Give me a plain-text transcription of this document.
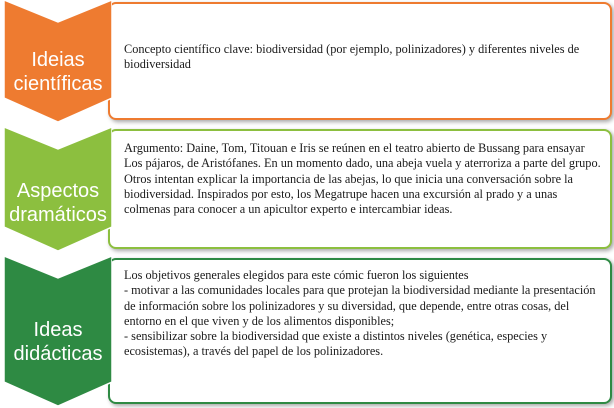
Ideias
científicas

Concepto científico clave: biodiversidad (por ejemplo, polinizadores) y diferentes niveles de biodiversidad

Aspectos
dramáticos

Argumento: Daine, Tom, Titouan e Iris se reúnen en el teatro abierto de Bussang para ensayar Los pájaros, de Aristófanes. En un momento dado, una abeja vuela y aterroriza a parte del grupo. Otros intentan explicar la importancia de las abejas, lo que inicia una conversación sobre la biodiversidad. Inspirados por esto, los Megatrupe hacen una excursión al prado y a unas colmenas para conocer a un apicultor experto e intercambiar ideas.

Ideas
didácticas

Los objetivos generales elegidos para este cómic fueron los siguientes

- motivar a las comunidades locales para que protejan la biodiversidad mediante la presentación de información sobre los polinizadores y su diversidad, que depende, entre otras cosas, del entorno en el que viven y de los alimentos disponibles;

- sensibilizar sobre la biodiversidad que existe a distintos niveles (genética, especies y ecosistemas), a través del papel de los polinizadores.
